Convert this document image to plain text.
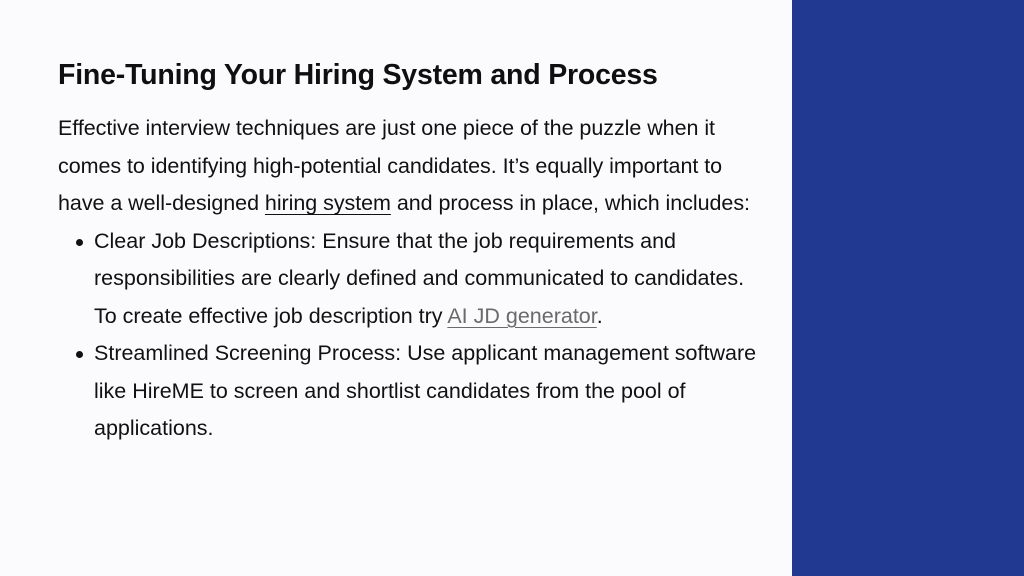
Fine-Tuning Your Hiring System and Process

Effective interview techniques are just one piece of the puzzle when it comes to identifying high-potential candidates. It’s equally important to have a well-designed hiring system and process in place, which includes:

Clear Job Descriptions: Ensure that the job requirements and responsibilities are clearly defined and communicated to candidates. To create effective job description try AI JD generator.
Streamlined Screening Process: Use applicant management software like HireME to screen and shortlist candidates from the pool of applications.
